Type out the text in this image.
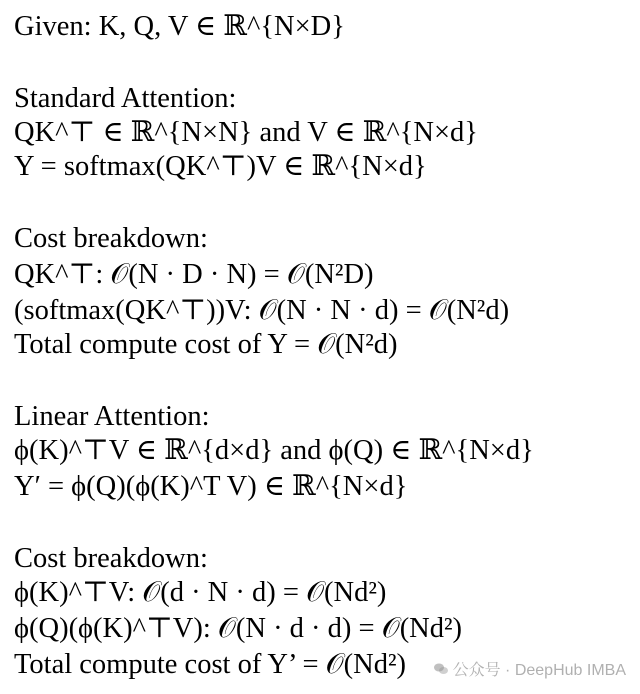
Given: K, Q, V ∈ ℝ^{N×D}
Standard Attention:
QK^⊤ ∈ ℝ^{N×N} and V ∈ ℝ^{N×d}
Y = softmax(QK^⊤)V ∈ ℝ^{N×d}
Cost breakdown:
QK^⊤: 𝒪(N · D · N) = 𝒪(N²D)
(softmax(QK^⊤))V: 𝒪(N · N · d) = 𝒪(N²d)
Total compute cost of Y = 𝒪(N²d)
Linear Attention:
ϕ(K)^⊤V ∈ ℝ^{d×d} and ϕ(Q) ∈ ℝ^{N×d}
Y′ = ϕ(Q)(ϕ(K)^T V) ∈ ℝ^{N×d}
Cost breakdown:
ϕ(K)^⊤V: 𝒪(d · N · d) = 𝒪(Nd²)
ϕ(Q)(ϕ(K)^⊤V): 𝒪(N · d · d) = 𝒪(Nd²)
Total compute cost of Y’ = 𝒪(Nd²)	公众号 · DeepHub IMBA
